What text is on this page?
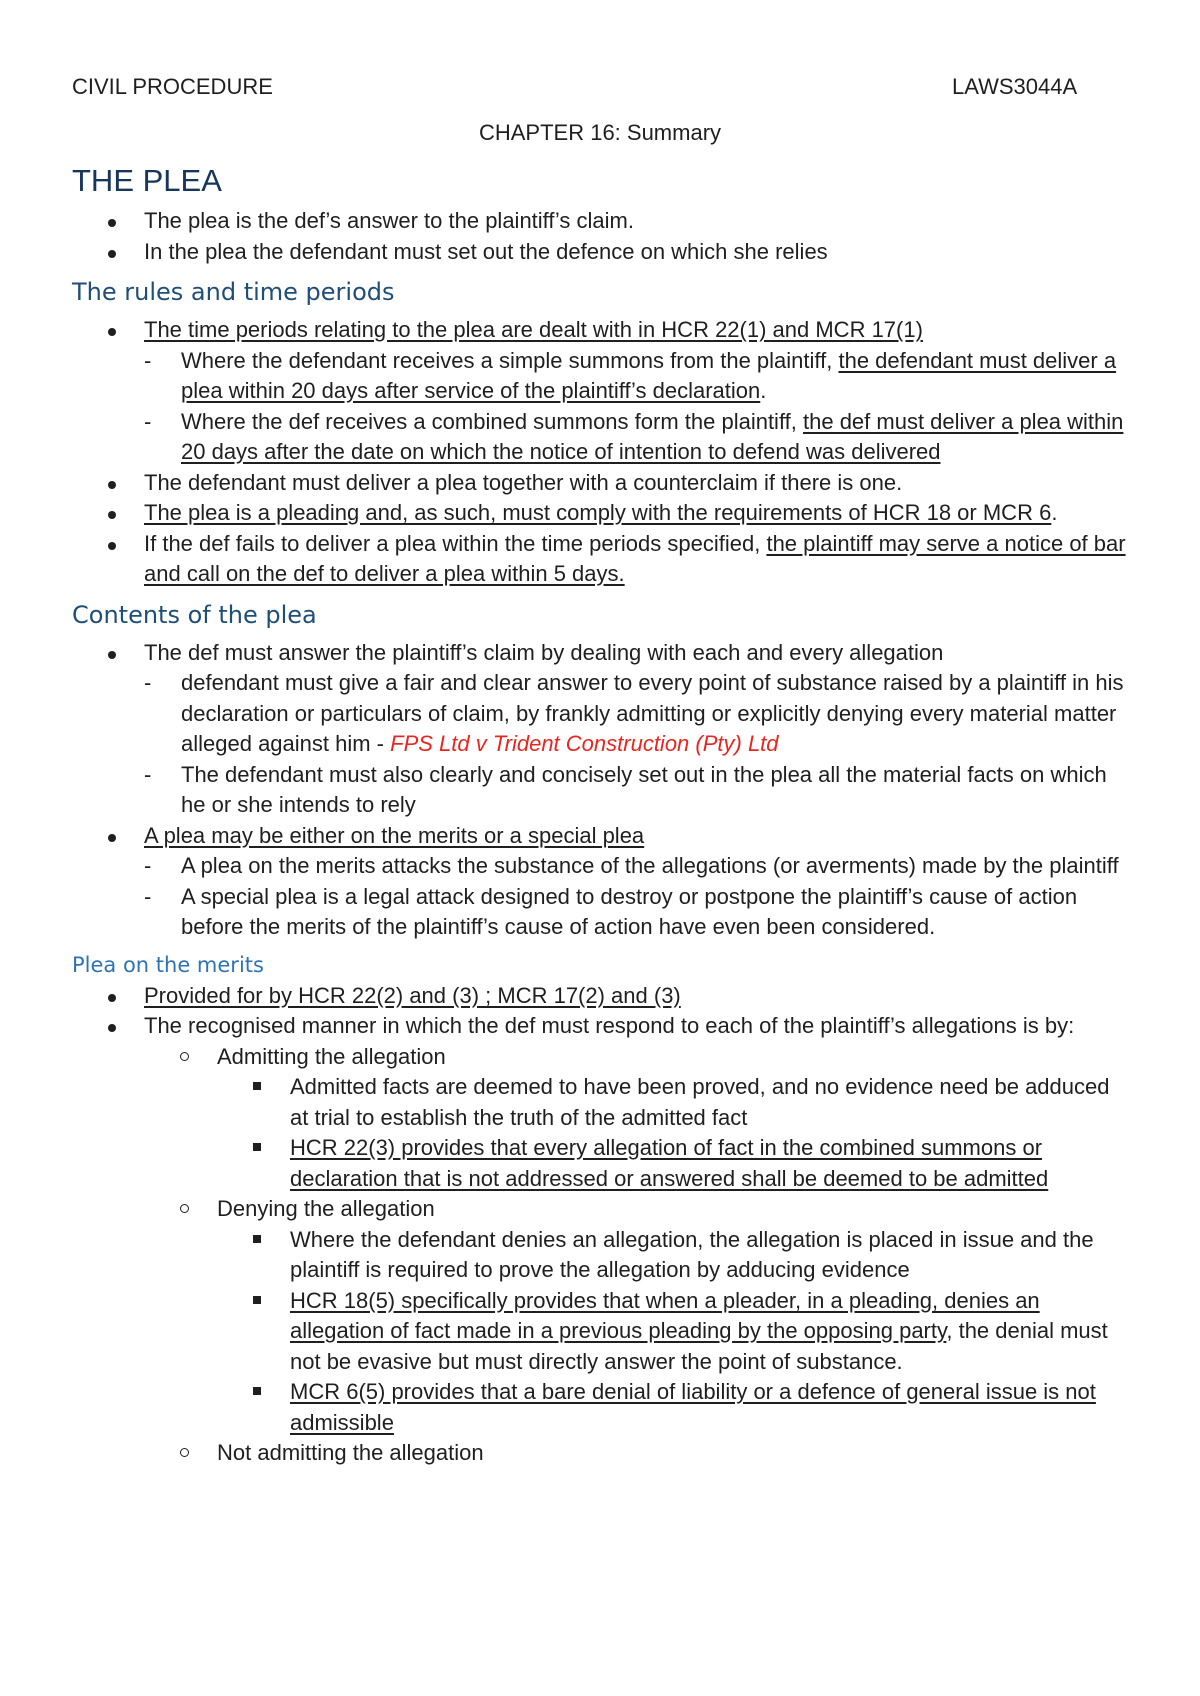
CIVIL PROCEDURE	LAWS3044A
CHAPTER 16: Summary
THE PLEA
The plea is the def’s answer to the plaintiff’s claim.
In the plea the defendant must set out the defence on which she relies
The rules and time periods
The time periods relating to the plea are dealt with in HCR 22(1) and MCR 17(1)
-	Where the defendant receives a simple summons from the plaintiff, the defendant must deliver a plea within 20 days after service of the plaintiff’s declaration.
-	Where the def receives a combined summons form the plaintiff, the def must deliver a plea within 20 days after the date on which the notice of intention to defend was delivered
The defendant must deliver a plea together with a counterclaim if there is one.
The plea is a pleading and, as such, must comply with the requirements of HCR 18 or MCR 6.
If the def fails to deliver a plea within the time periods specified, the plaintiff may serve a notice of bar and call on the def to deliver a plea within 5 days.
Contents of the plea
The def must answer the plaintiff’s claim by dealing with each and every allegation
-	defendant must give a fair and clear answer to every point of substance raised by a plaintiff in his declaration or particulars of claim, by frankly admitting or explicitly denying every material matter alleged against him - FPS Ltd v Trident Construction (Pty) Ltd
-	The defendant must also clearly and concisely set out in the plea all the material facts on which he or she intends to rely
A plea may be either on the merits or a special plea
-	A plea on the merits attacks the substance of the allegations (or averments) made by the plaintiff
-	A special plea is a legal attack designed to destroy or postpone the plaintiff’s cause of action before the merits of the plaintiff’s cause of action have even been considered.
Plea on the merits
Provided for by HCR 22(2) and (3) ; MCR 17(2) and (3)
The recognised manner in which the def must respond to each of the plaintiff’s allegations is by:
Admitting the allegation
Admitted facts are deemed to have been proved, and no evidence need be adduced at trial to establish the truth of the admitted fact
HCR 22(3) provides that every allegation of fact in the combined summons or declaration that is not addressed or answered shall be deemed to be admitted
Denying the allegation
Where the defendant denies an allegation, the allegation is placed in issue and the plaintiff is required to prove the allegation by adducing evidence
HCR 18(5) specifically provides that when a pleader, in a pleading, denies an allegation of fact made in a previous pleading by the opposing party, the denial must not be evasive but must directly answer the point of substance.
MCR 6(5) provides that a bare denial of liability or a defence of general issue is not admissible
Not admitting the allegation
